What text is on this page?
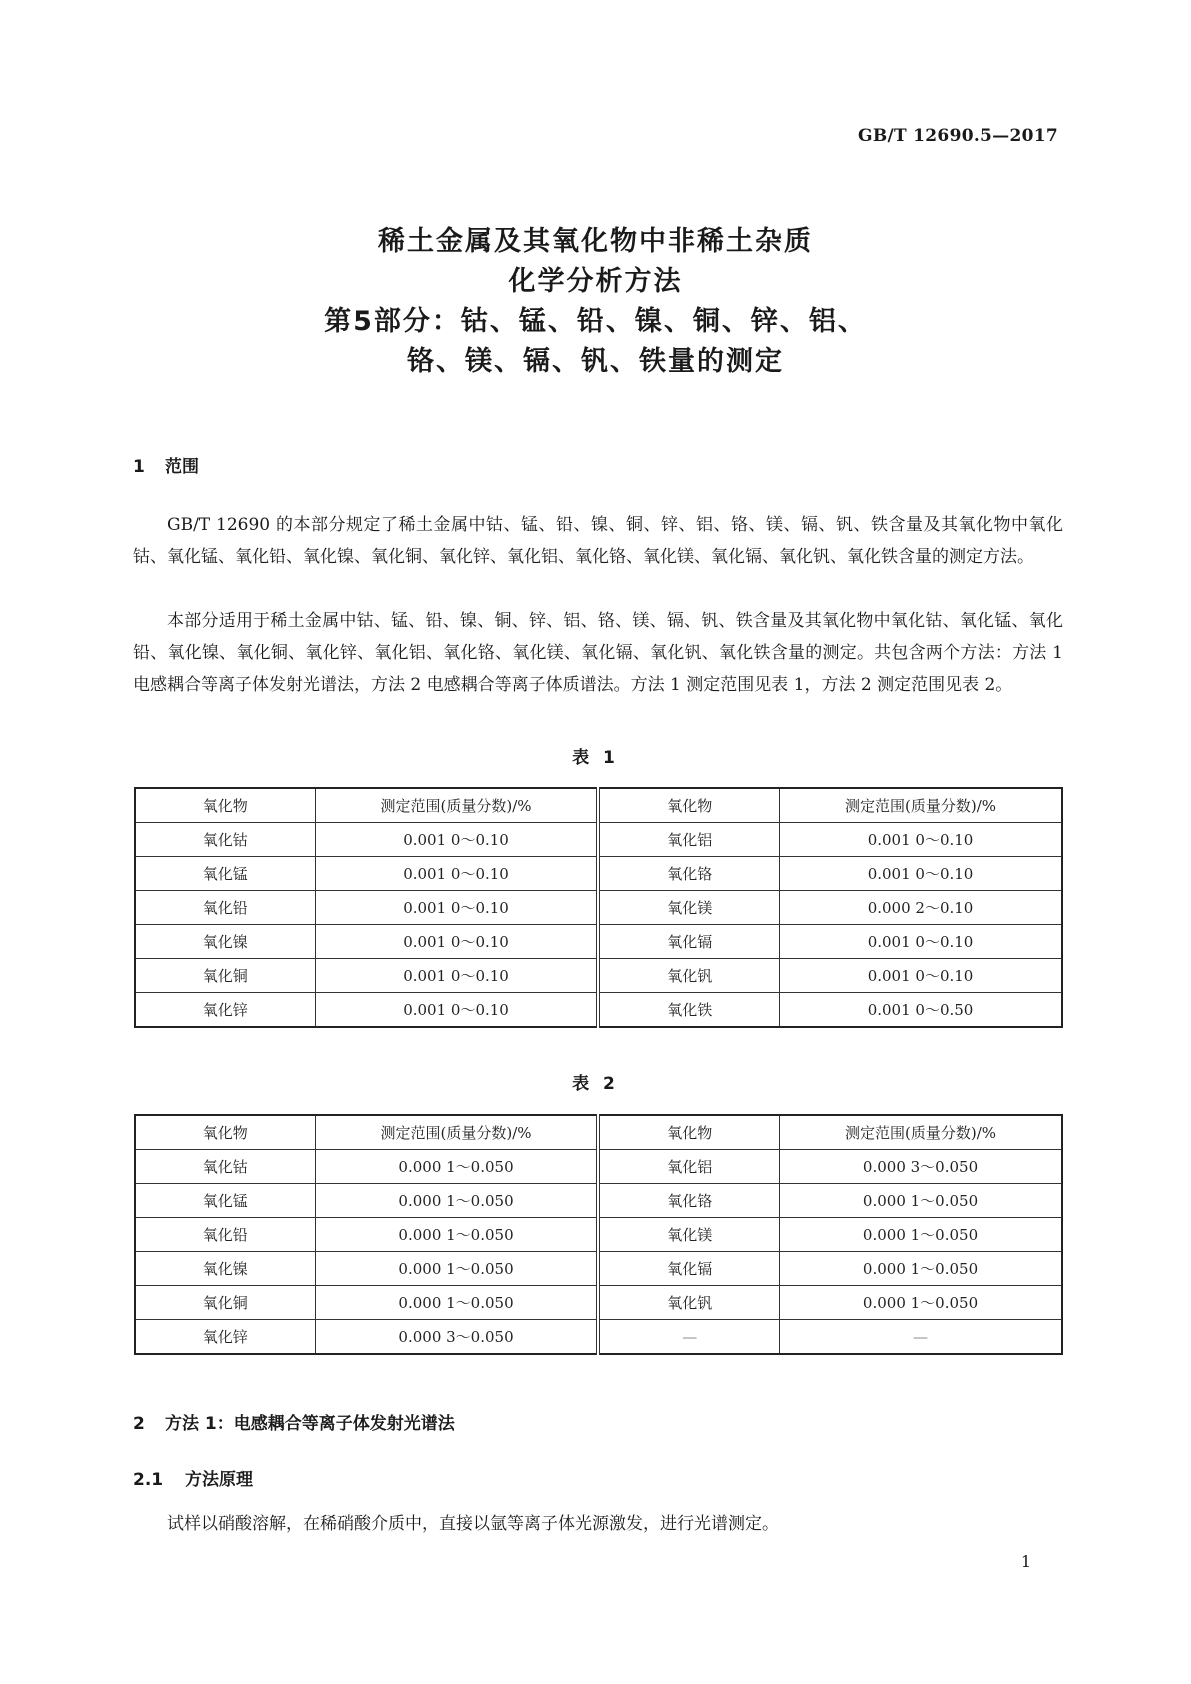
GB/T 12690.5—2017
稀土金属及其氧化物中非稀土杂质
化学分析方法
第5部分：钴、锰、铅、镍、铜、锌、铝、
铬、镁、镉、钒、铁量的测定
1 范围
GB/T 12690 的本部分规定了稀土金属中钴、锰、铅、镍、铜、锌、铝、铬、镁、镉、钒、铁含量及其氧化物中氧化钴、氧化锰、氧化铅、氧化镍、氧化铜、氧化锌、氧化铝、氧化铬、氧化镁、氧化镉、氧化钒、氧化铁含量的测定方法。
本部分适用于稀土金属中钴、锰、铅、镍、铜、锌、铝、铬、镁、镉、钒、铁含量及其氧化物中氧化钴、氧化锰、氧化铅、氧化镍、氧化铜、氧化锌、氧化铝、氧化铬、氧化镁、氧化镉、氧化钒、氧化铁含量的测定。共包含两个方法：方法 1 电感耦合等离子体发射光谱法，方法 2 电感耦合等离子体质谱法。方法 1 测定范围见表 1，方法 2 测定范围见表 2。
表 1
氧化物	测定范围(质量分数)/%	氧化物	测定范围(质量分数)/%
氧化钴	0.001 0～0.10	氧化铝	0.001 0～0.10
氧化锰	0.001 0～0.10	氧化铬	0.001 0～0.10
氧化铅	0.001 0～0.10	氧化镁	0.000 2～0.10
氧化镍	0.001 0～0.10	氧化镉	0.001 0～0.10
氧化铜	0.001 0～0.10	氧化钒	0.001 0～0.10
氧化锌	0.001 0～0.10	氧化铁	0.001 0～0.50
表 2
氧化物	测定范围(质量分数)/%	氧化物	测定范围(质量分数)/%
氧化钴	0.000 1～0.050	氧化铝	0.000 3～0.050
氧化锰	0.000 1～0.050	氧化铬	0.000 1～0.050
氧化铅	0.000 1～0.050	氧化镁	0.000 1～0.050
氧化镍	0.000 1～0.050	氧化镉	0.000 1～0.050
氧化铜	0.000 1～0.050	氧化钒	0.000 1～0.050
氧化锌	0.000 3～0.050	—	—
2 方法 1：电感耦合等离子体发射光谱法
2.1 方法原理
试样以硝酸溶解，在稀硝酸介质中，直接以氩等离子体光源激发，进行光谱测定。
1
